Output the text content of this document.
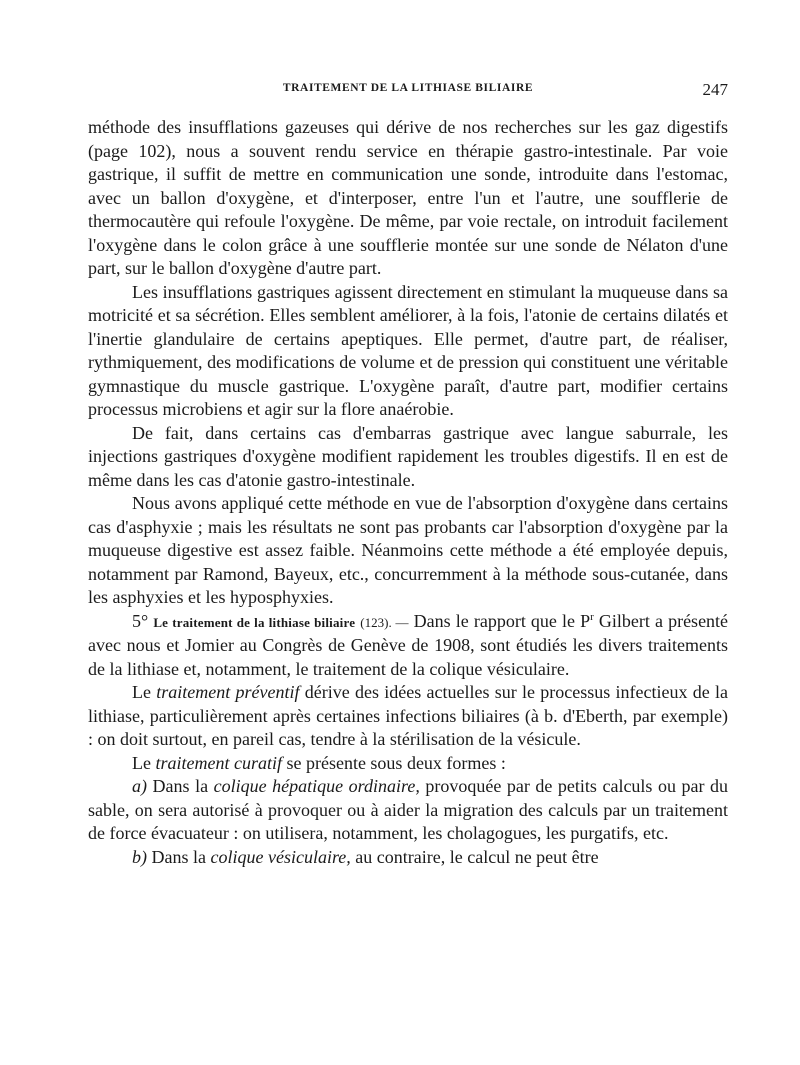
TRAITEMENT DE LA LITHIASE BILIAIRE	247

méthode des insufflations gazeuses qui dérive de nos recherches sur les gaz digestifs (page 102), nous a souvent rendu service en thérapie gastro-intestinale. Par voie gastrique, il suffit de mettre en communication une sonde, introduite dans l'estomac, avec un ballon d'oxygène, et d'interposer, entre l'un et l'autre, une soufflerie de thermocautère qui refoule l'oxygène. De même, par voie rectale, on introduit facilement l'oxygène dans le colon grâce à une soufflerie montée sur une sonde de Nélaton d'une part, sur le ballon d'oxygène d'autre part.

Les insufflations gastriques agissent directement en stimulant la muqueuse dans sa motricité et sa sécrétion. Elles semblent améliorer, à la fois, l'atonie de certains dilatés et l'inertie glandulaire de certains apeptiques. Elle permet, d'autre part, de réaliser, rythmiquement, des modifications de volume et de pression qui constituent une véritable gymnastique du muscle gastrique. L'oxygène paraît, d'autre part, modifier certains processus microbiens et agir sur la flore anaérobie.

De fait, dans certains cas d'embarras gastrique avec langue saburrale, les injections gastriques d'oxygène modifient rapidement les troubles digestifs. Il en est de même dans les cas d'atonie gastro-intestinale.

Nous avons appliqué cette méthode en vue de l'absorption d'oxygène dans certains cas d'asphyxie ; mais les résultats ne sont pas probants car l'absorption d'oxygène par la muqueuse digestive est assez faible. Néanmoins cette méthode a été employée depuis, notamment par Ramond, Bayeux, etc., concurremment à la méthode sous-cutanée, dans les asphyxies et les hyposphyxies.

5° Le traitement de la lithiase biliaire (123). — Dans le rapport que le $P^r$ Gilbert a présenté avec nous et Jomier au Congrès de Genève de 1908, sont étudiés les divers traitements de la lithiase et, notamment, le traitement de la colique vésiculaire.

Le traitement préventif dérive des idées actuelles sur le processus infectieux de la lithiase, particulièrement après certaines infections biliaires (à b. d'Eberth, par exemple) : on doit surtout, en pareil cas, tendre à la stérilisation de la vésicule.

Le traitement curatif se présente sous deux formes :

a) Dans la colique hépatique ordinaire, provoquée par de petits calculs ou par du sable, on sera autorisé à provoquer ou à aider la migration des calculs par un traitement de force évacuateur : on utilisera, notamment, les cholagogues, les purgatifs, etc.

b) Dans la colique vésiculaire, au contraire, le calcul ne peut être
